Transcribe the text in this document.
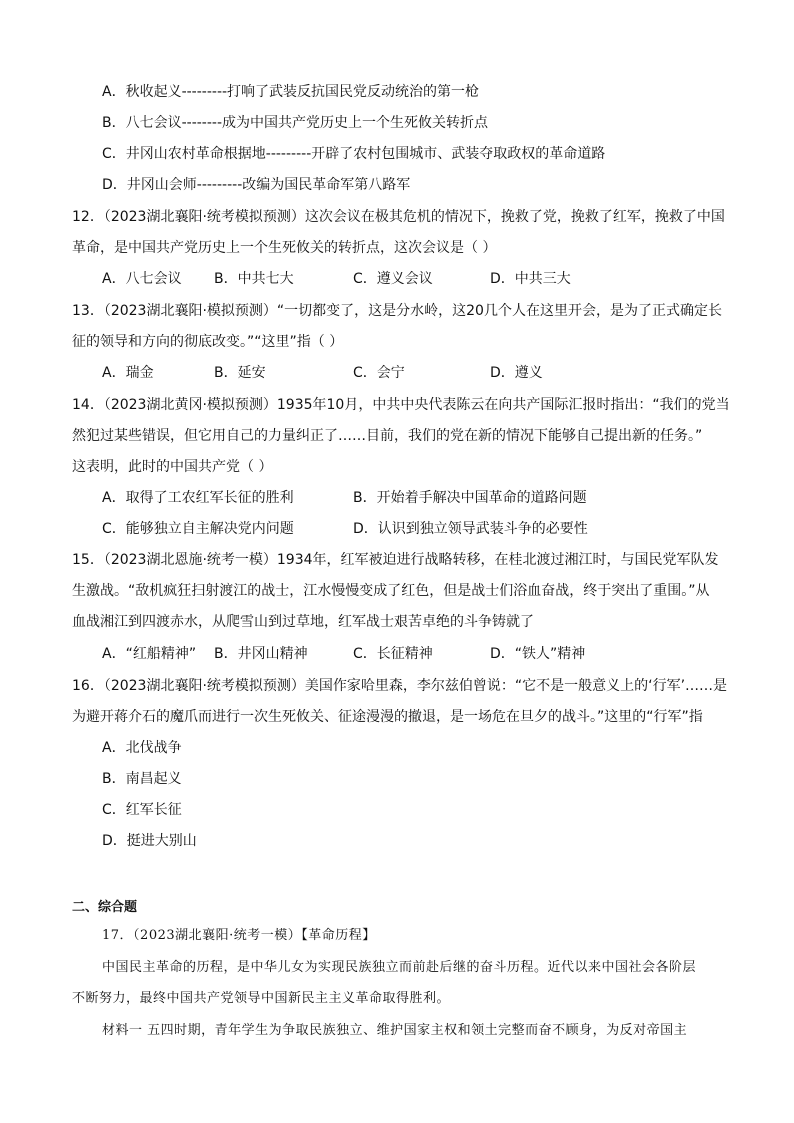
A．秋收起义---------打响了武装反抗国民党反动统治的第一枪
B．八七会议--------成为中国共产党历史上一个生死攸关转折点
C．井冈山农村革命根据地---------开辟了农村包围城市、武装夺取政权的革命道路
D．井冈山会师---------改编为国民革命军第八路军
12．（2023湖北襄阳·统考模拟预测）这次会议在极其危机的情况下，挽救了党，挽救了红军，挽救了中国
革命，是中国共产党历史上一个生死攸关的转折点，这次会议是（ ）
A．八七会议 B．中共七大	C．遵义会议	D．中共三大
13．（2023湖北襄阳·模拟预测）“一切都变了，这是分水岭，这20几个人在这里开会，是为了正式确定长
征的领导和方向的彻底改变。”“这里”指（ ）
A．瑞金	B．延安	C．会宁	D．遵义
14．（2023湖北黄冈·模拟预测）1935年10月，中共中央代表陈云在向共产国际汇报时指出：“我们的党当
然犯过某些错误，但它用自己的力量纠正了……目前，我们的党在新的情况下能够自己提出新的任务。”
这表明，此时的中国共产党（ ）
A．取得了工农红军长征的胜利	B．开始着手解决中国革命的道路问题
C．能够独立自主解决党内问题	D．认识到独立领导武装斗争的必要性
15．（2023湖北恩施·统考一模）1934年，红军被迫进行战略转移，在桂北渡过湘江时，与国民党军队发
生激战。“敌机疯狂扫射渡江的战士，江水慢慢变成了红色，但是战士们浴血奋战，终于突出了重围。”从
血战湘江到四渡赤水，从爬雪山到过草地，红军战士艰苦卓绝的斗争铸就了
A．“红船精神” B．井冈山精神	C．长征精神	D．“铁人”精神
16．（2023湖北襄阳·统考模拟预测）美国作家哈里森，李尔兹伯曾说：“它不是一般意义上的‘行军’……是
为避开蒋介石的魔爪而进行一次生死攸关、征途漫漫的撤退，是一场危在旦夕的战斗。”这里的“行军”指
A．北伐战争
B．南昌起义
C．红军长征
D．挺进大别山
二、综合题
17．（2023湖北襄阳·统考一模）【革命历程】
中国民主革命的历程，是中华儿女为实现民族独立而前赴后继的奋斗历程。近代以来中国社会各阶层
不断努力，最终中国共产党领导中国新民主主义革命取得胜利。
材料一 五四时期，青年学生为争取民族独立、维护国家主权和领土完整而奋不顾身，为反对帝国主
